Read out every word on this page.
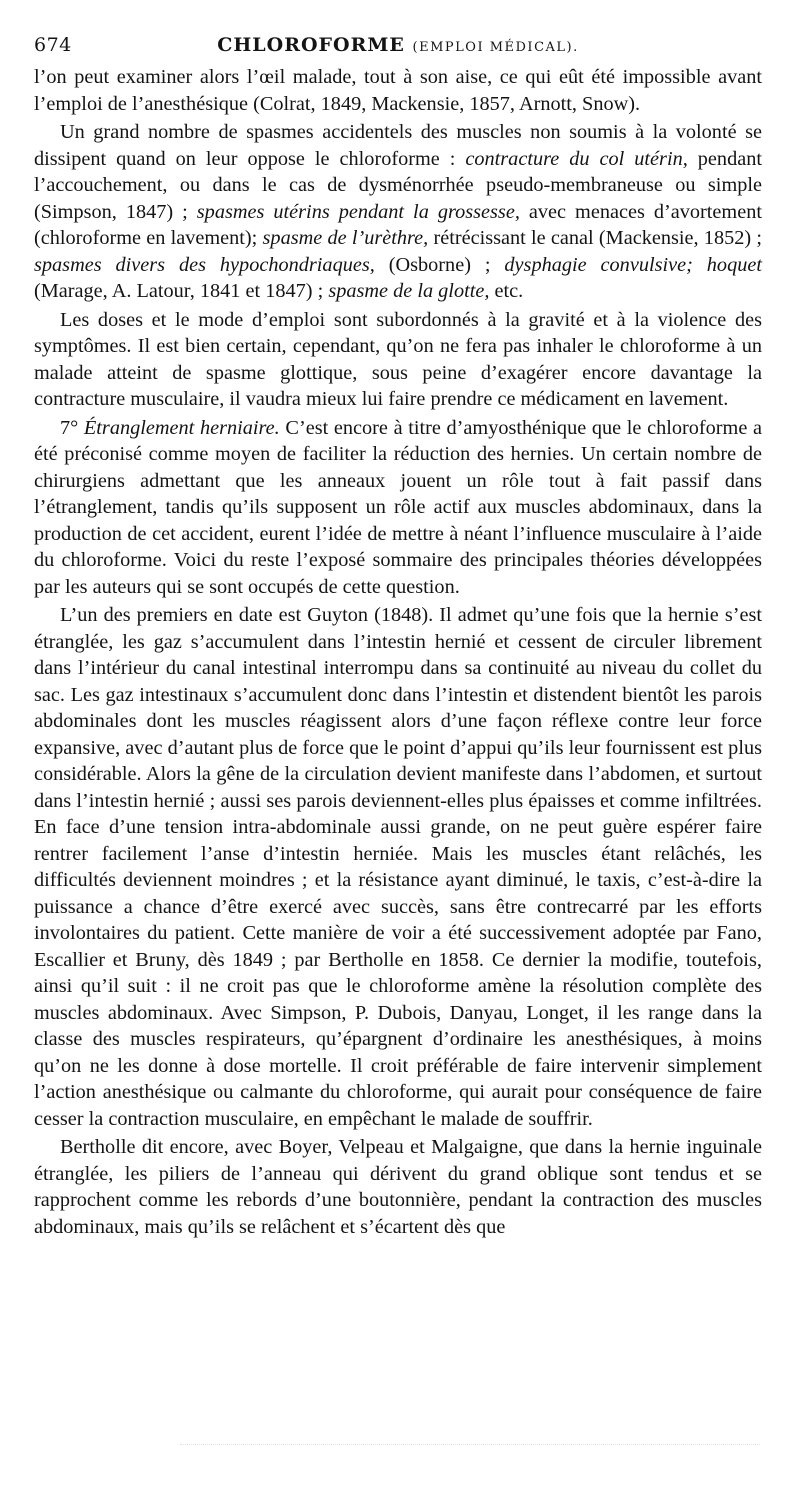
674	CHLOROFORME (EMPLOI MÉDICAL).

l’on peut examiner alors l’œil malade, tout à son aise, ce qui eût été impossible avant l’emploi de l’anesthésique (Colrat, 1849, Mackensie, 1857, Arnott, Snow).

Un grand nombre de spasmes accidentels des muscles non soumis à la volonté se dissipent quand on leur oppose le chloroforme : contracture du col utérin, pendant l’accouchement, ou dans le cas de dysménorrhée pseudo-membraneuse ou simple (Simpson, 1847) ; spasmes utérins pendant la grossesse, avec menaces d’avortement (chloroforme en lavement); spasme de l’urèthre, rétrécissant le canal (Mackensie, 1852) ; spasmes divers des hypochondriaques, (Osborne) ; dysphagie convulsive; hoquet (Marage, A. Latour, 1841 et 1847) ; spasme de la glotte, etc.

Les doses et le mode d’emploi sont subordonnés à la gravité et à la violence des symptômes. Il est bien certain, cependant, qu’on ne fera pas inhaler le chloroforme à un malade atteint de spasme glottique, sous peine d’exagérer encore davantage la contracture musculaire, il vaudra mieux lui faire prendre ce médicament en lavement.

7° Étranglement herniaire. C’est encore à titre d’amyosthénique que le chloroforme a été préconisé comme moyen de faciliter la réduction des hernies. Un certain nombre de chirurgiens admettant que les anneaux jouent un rôle tout à fait passif dans l’étranglement, tandis qu’ils supposent un rôle actif aux muscles abdominaux, dans la production de cet accident, eurent l’idée de mettre à néant l’influence musculaire à l’aide du chloroforme. Voici du reste l’exposé sommaire des principales théories développées par les auteurs qui se sont occupés de cette question.

L’un des premiers en date est Guyton (1848). Il admet qu’une fois que la hernie s’est étranglée, les gaz s’accumulent dans l’intestin hernié et cessent de circuler librement dans l’intérieur du canal intestinal interrompu dans sa continuité au niveau du collet du sac. Les gaz intestinaux s’accumulent donc dans l’intestin et distendent bientôt les parois abdominales dont les muscles réagissent alors d’une façon réflexe contre leur force expansive, avec d’autant plus de force que le point d’appui qu’ils leur fournissent est plus considérable. Alors la gêne de la circulation devient manifeste dans l’abdomen, et surtout dans l’intestin hernié ; aussi ses parois deviennent-elles plus épaisses et comme infiltrées. En face d’une tension intra-abdominale aussi grande, on ne peut guère espérer faire rentrer facilement l’anse d’intestin herniée. Mais les muscles étant relâchés, les difficultés deviennent moindres ; et la résistance ayant diminué, le taxis, c’est-à-dire la puissance a chance d’être exercé avec succès, sans être contrecarré par les efforts involontaires du patient. Cette manière de voir a été successivement adoptée par Fano, Escallier et Bruny, dès 1849 ; par Bertholle en 1858. Ce dernier la modifie, toutefois, ainsi qu’il suit : il ne croit pas que le chloroforme amène la résolution complète des muscles abdominaux. Avec Simpson, P. Dubois, Danyau, Longet, il les range dans la classe des muscles respirateurs, qu’épargnent d’ordinaire les anesthésiques, à moins qu’on ne les donne à dose mortelle. Il croit préférable de faire intervenir simplement l’action anesthésique ou calmante du chloroforme, qui aurait pour conséquence de faire cesser la contraction musculaire, en empêchant le malade de souffrir.

Bertholle dit encore, avec Boyer, Velpeau et Malgaigne, que dans la hernie inguinale étranglée, les piliers de l’anneau qui dérivent du grand oblique sont tendus et se rapprochent comme les rebords d’une boutonnière, pendant la contraction des muscles abdominaux, mais qu’ils se relâchent et s’écartent dès que
